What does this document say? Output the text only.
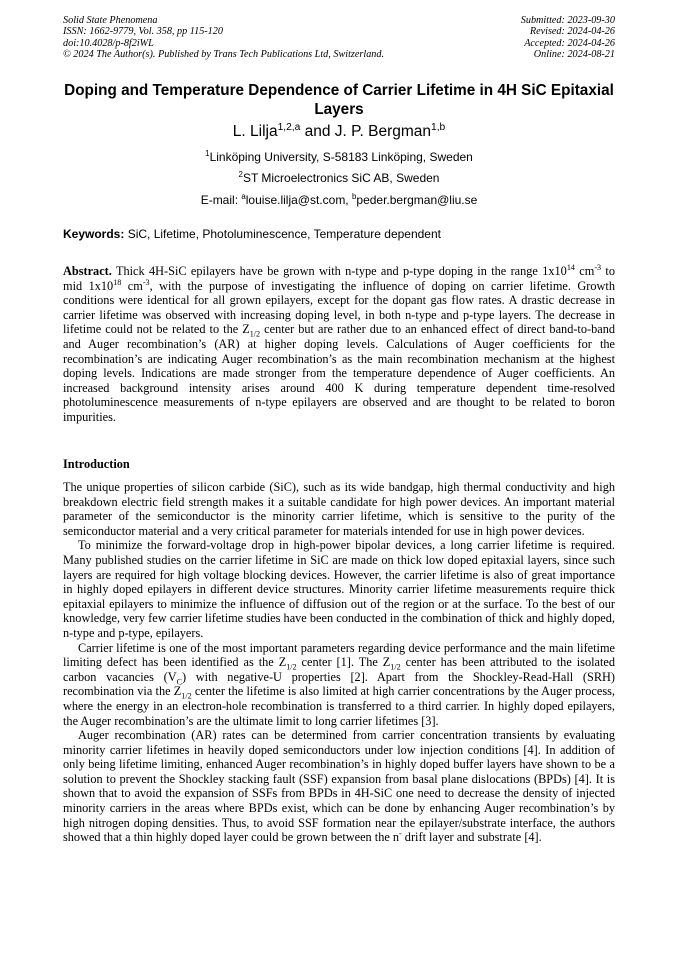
Solid State Phenomena
ISSN: 1662-9779, Vol. 358, pp 115-120
doi:10.4028/p-8f2iWL
© 2024 The Author(s). Published by Trans Tech Publications Ltd, Switzerland.
Submitted: 2023-09-30
Revised: 2024-04-26
Accepted: 2024-04-26
Online: 2024-08-21
Doping and Temperature Dependence of Carrier Lifetime in 4H SiC Epitaxial Layers
L. Lilja$^{1,2,a}$ and J. P. Bergman$^{1,b}$
$^1$Linköping University, S-58183 Linköping, Sweden
$^2$ST Microelectronics SiC AB, Sweden
E-mail: $^a$louise.lilja@st.com, $^b$peder.bergman@liu.se
Keywords: SiC, Lifetime, Photoluminescence, Temperature dependent
Abstract. Thick 4H-SiC epilayers have be grown with n-type and p-type doping in the range $1x10^{14}$ $cm^{-3}$ to mid $1x10^{18}$ $cm^{-3}$, with the purpose of investigating the influence of doping on carrier lifetime. Growth conditions were identical for all grown epilayers, except for the dopant gas flow rates. A drastic decrease in carrier lifetime was observed with increasing doping level, in both n-type and p-type layers. The decrease in lifetime could not be related to the $Z_{1/2}$ center but are rather due to an enhanced effect of direct band-to-band and Auger recombination’s (AR) at higher doping levels. Calculations of Auger coefficients for the recombination’s are indicating Auger recombination’s as the main recombination mechanism at the highest doping levels. Indications are made stronger from the temperature dependence of Auger coefficients. An increased background intensity arises around 400 K during temperature dependent time-resolved photoluminescence measurements of n-type epilayers are observed and are thought to be related to boron impurities.
Introduction

The unique properties of silicon carbide (SiC), such as its wide bandgap, high thermal conductivity and high breakdown electric field strength makes it a suitable candidate for high power devices. An important material parameter of the semiconductor is the minority carrier lifetime, which is sensitive to the purity of the semiconductor material and a very critical parameter for materials intended for use in high power devices.

To minimize the forward-voltage drop in high-power bipolar devices, a long carrier lifetime is required. Many published studies on the carrier lifetime in SiC are made on thick low doped epitaxial layers, since such layers are required for high voltage blocking devices. However, the carrier lifetime is also of great importance in highly doped epilayers in different device structures. Minority carrier lifetime measurements require thick epitaxial epilayers to minimize the influence of diffusion out of the region or at the surface. To the best of our knowledge, very few carrier lifetime studies have been conducted in the combination of thick and highly doped, n-type and p-type, epilayers.

Carrier lifetime is one of the most important parameters regarding device performance and the main lifetime limiting defect has been identified as the $Z_{1/2}$ center [1]. The $Z_{1/2}$ center has been attributed to the isolated carbon vacancies $(V_C)$ with negative-U properties [2]. Apart from the Shockley-Read-Hall (SRH) recombination via the $Z_{1/2}$ center the lifetime is also limited at high carrier concentrations by the Auger process, where the energy in an electron-hole recombination is transferred to a third carrier. In highly doped epilayers, the Auger recombination’s are the ultimate limit to long carrier lifetimes [3].

Auger recombination (AR) rates can be determined from carrier concentration transients by evaluating minority carrier lifetimes in heavily doped semiconductors under low injection conditions [4]. In addition of only being lifetime limiting, enhanced Auger recombination’s in highly doped buffer layers have shown to be a solution to prevent the Shockley stacking fault (SSF) expansion from basal plane dislocations (BPDs) [4]. It is shown that to avoid the expansion of SSFs from BPDs in 4H-SiC one need to decrease the density of injected minority carriers in the areas where BPDs exist, which can be done by enhancing Auger recombination’s by high nitrogen doping densities. Thus, to avoid SSF formation near the epilayer/substrate interface, the authors showed that a thin highly doped layer could be grown between the n- drift layer and substrate [4].
